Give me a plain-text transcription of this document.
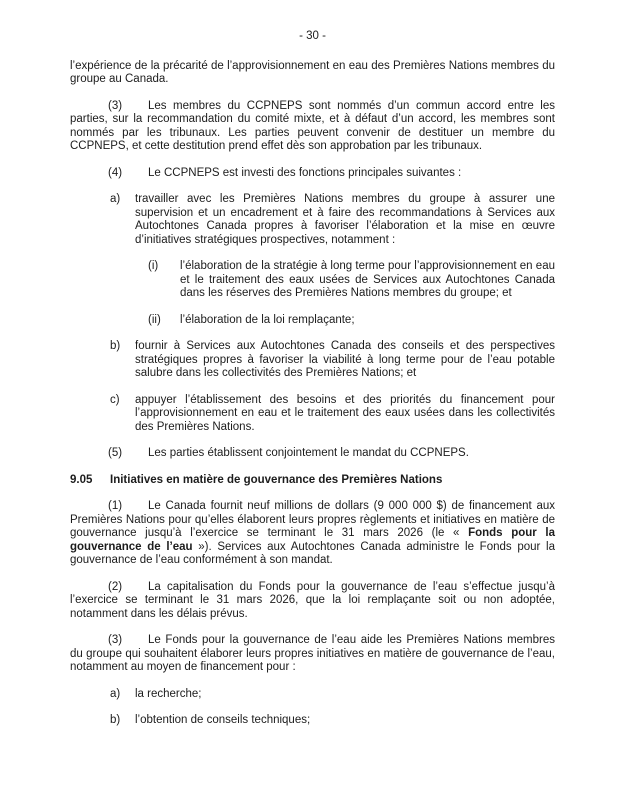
- 30 -

l’expérience de la précarité de l’approvisionnement en eau des Premières Nations membres du groupe au Canada.

(3) Les membres du CCPNEPS sont nommés d’un commun accord entre les parties, sur la recommandation du comité mixte, et à défaut d’un accord, les membres sont nommés par les tribunaux. Les parties peuvent convenir de destituer un membre du CCPNEPS, et cette destitution prend effet dès son approbation par les tribunaux.

(4) Le CCPNEPS est investi des fonctions principales suivantes :

a)	travailler avec les Premières Nations membres du groupe à assurer une supervision et un encadrement et à faire des recommandations à Services aux Autochtones Canada propres à favoriser l’élaboration et la mise en œuvre d’initiatives stratégiques prospectives, notamment :
(i)	l’élaboration de la stratégie à long terme pour l’approvisionnement en eau et le traitement des eaux usées de Services aux Autochtones Canada dans les réserves des Premières Nations membres du groupe; et
(ii)	l’élaboration de la loi remplaçante;
b)	fournir à Services aux Autochtones Canada des conseils et des perspectives stratégiques propres à favoriser la viabilité à long terme pour de l’eau potable salubre dans les collectivités des Premières Nations; et
c)	appuyer l’établissement des besoins et des priorités du financement pour l’approvisionnement en eau et le traitement des eaux usées dans les collectivités des Premières Nations.

(5) Les parties établissent conjointement le mandat du CCPNEPS.

9.05	Initiatives en matière de gouvernance des Premières Nations

(1) Le Canada fournit neuf millions de dollars (9 000 000 $) de financement aux Premières Nations pour qu’elles élaborent leurs propres règlements et initiatives en matière de gouvernance jusqu’à l’exercice se terminant le 31 mars 2026 (le « Fonds pour la gouvernance de l’eau »). Services aux Autochtones Canada administre le Fonds pour la gouvernance de l’eau conformément à son mandat.

(2) La capitalisation du Fonds pour la gouvernance de l’eau s’effectue jusqu’à l’exercice se terminant le 31 mars 2026, que la loi remplaçante soit ou non adoptée, notamment dans les délais prévus.

(3) Le Fonds pour la gouvernance de l’eau aide les Premières Nations membres du groupe qui souhaitent élaborer leurs propres initiatives en matière de gouvernance de l’eau, notamment au moyen de financement pour :

a)	la recherche;
b)	l’obtention de conseils techniques;
